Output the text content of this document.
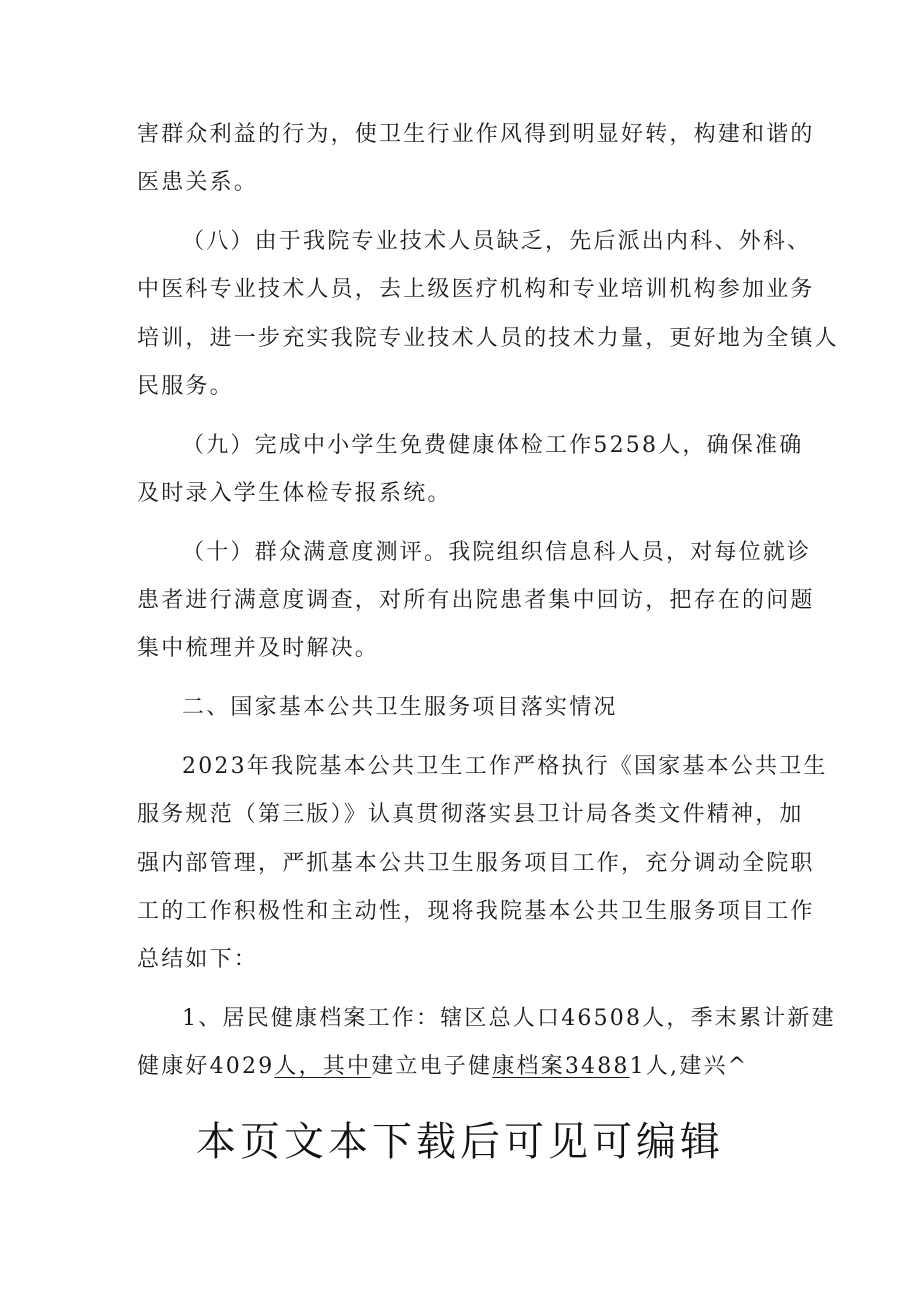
害群众利益的行为，使卫生行业作风得到明显好转，构建和谐的
医患关系。
（八）由于我院专业技术人员缺乏，先后派出内科、外科、
中医科专业技术人员，去上级医疗机构和专业培训机构参加业务
培训，进一步充实我院专业技术人员的技术力量，更好地为全镇人
民服务。
（九）完成中小学生免费健康体检工作5258人，确保准确
及时录入学生体检专报系统。
（十）群众满意度测评。我院组织信息科人员，对每位就诊
患者进行满意度调查，对所有出院患者集中回访，把存在的问题
集中梳理并及时解决。
二、国家基本公共卫生服务项目落实情况
2023年我院基本公共卫生工作严格执行《国家基本公共卫生
服务规范（第三版）》认真贯彻落实县卫计局各类文件精神，加
强内部管理，严抓基本公共卫生服务项目工作，充分调动全院职
工的工作积极性和主动性，现将我院基本公共卫生服务项目工作
总结如下：
1、居民健康档案工作：辖区总人口46508人，季末累计新建
健康好4029人，其中建立电子健康档案34881人,建兴^
本页文本下载后可见可编辑
